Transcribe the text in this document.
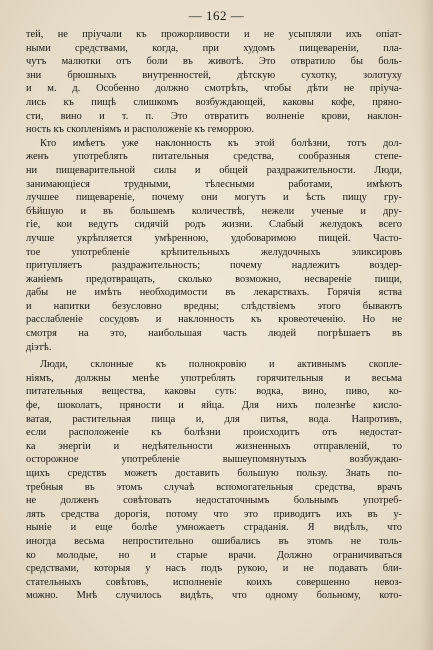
— 162 —
тей, не пріучали къ прожорливости и не усыпляли ихъ опіат-
ными средствами, когда, при худомъ пищевареніи, пла-
чутъ малютки отъ боли въ животѣ. Это отвратило бы боль-
зни брюшныхъ внутренностей, дѣтскую сухотку, золотуху
и м. д. Особенно должно смотрѣть, чтобы дѣти не пріуча-
лись къ пищѣ слишкомъ возбуждающей, каковы кофе, пряно-
сти, вино и т. п. Это отвратитъ волненіе крови, наклон-
ность къ скопленіямъ и расположеніе къ геморрою.
Кто имѣетъ уже наклонность къ этой болѣзни, тотъ дол-
женъ употреблять питательныя средства, сообразныя степе-
ни пищеварительной силы и общей раздражительности. Люди,
занимающіеся трудными, тѣлесными работами, имѣютъ
лучшее пищевареніе, почему они могутъ и ѣсть пищу гру-
бѣйшую и въ большемъ количествѣ, нежели ученые и дру-
гіе, кои ведутъ сидячій родъ жизни. Слабый желудокъ всего
лучше укрѣпляется умѣренною, удобоваримою пищей. Часто-
тое употребленіе крѣпительныхъ желудочныхъ эликсировъ
притупляетъ раздражительность; почему надлежитъ воздер-
жаніемъ предотвращать, сколько возможно, несвареніе пищи,
дабы не имѣть необходимости въ лекарствахъ. Горячія яства
и напитки безусловно вредны; слѣдствіемъ этого бываютъ
расслабленіе сосудовъ и наклонность къ кровеотеченію. Но не
смотря на это, наибольшая часть людей погрѣшаетъ въ
діэтѣ.
Люди, склонные къ полнокровію и активнымъ скопле-
ніямъ, должны менѣе употреблять горячительныя и весьма
питательныя вещества, каковы суть: водка, вино, пиво, ко-
фе, шоколатъ, пряности и яйца. Для нихъ полезнѣе кисло-
ватая, растительная пища и, для питья, вода. Напротивъ,
если расположеніе къ болѣзни происходитъ отъ недостат-
ка энергіи и недѣятельности жизненныхъ отправленій, то
осторожное употребленіе вышеупомянутыхъ возбуждаю-
щихъ средствъ можетъ доставить большую пользу. Знать по-
требныя въ этомъ случаѣ вспомогательныя средства, врачъ
не долженъ совѣтовать недостаточнымъ больнымъ употреб-
лять средства дорогія, потому что это приводитъ ихъ въ у-
ныніе и еще болѣе умножаетъ страданія. Я видѣлъ, что
иногда весьма непростительно ошибались въ этомъ не толь-
ко молодые, но и старые врачи. Должно ограничиваться
средствами, которыя у насъ подъ рукою, и не подавать бли-
стательныхъ совѣтовъ, исполненіе коихъ совершенно невоз-
можно. Мнѣ случилось видѣть, что одному больному, кото-
